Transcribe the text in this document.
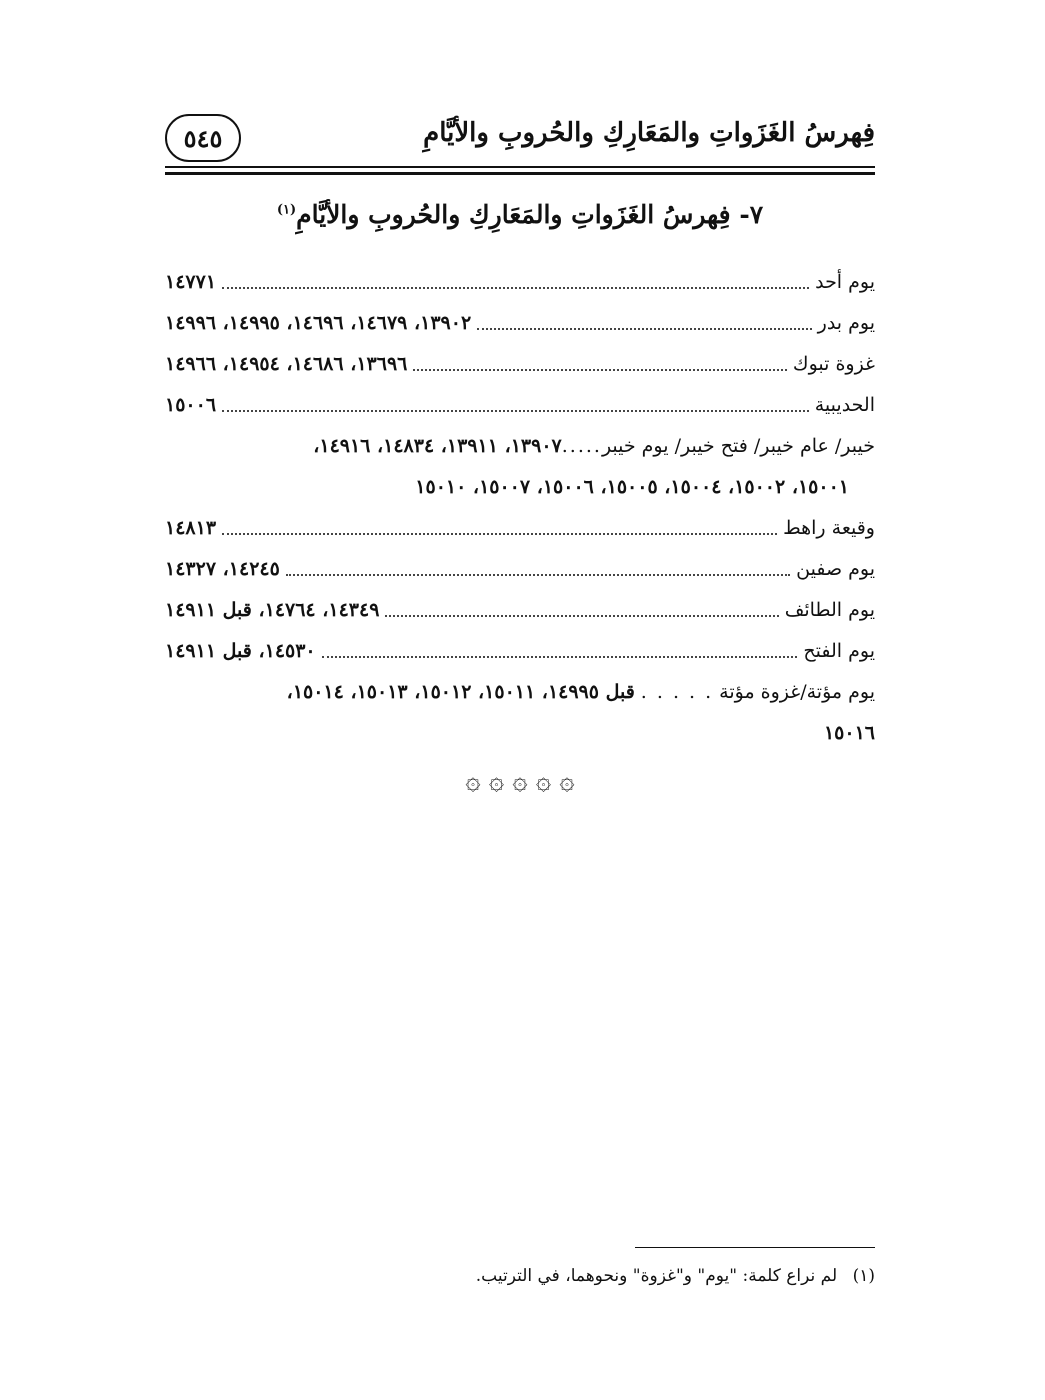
فِهرسُ الغَزَواتِ والمَعَارِكِ والحُروبِ والأيَّامِ
٥٤٥
٧- فِهرسُ الغَزَواتِ والمَعَارِكِ والحُروبِ والأيَّامِ$^{(١)}$
يوم أحد
١٤٧٧١
يوم بدر
١٣٩٠٢، ١٤٦٧٩، ١٤٦٩٦، ١٤٩٩٥، ١٤٩٩٦
غزوة تبوك
١٣٦٩٦، ١٤٦٨٦، ١٤٩٥٤، ١٤٩٦٦
الحديبية
١٥٠٠٦
خيبر/ عام خيبر/ فتح خيبر/ يوم خيبر
.....
١٣٩٠٧، ١٣٩١١، ١٤٨٣٤، ١٤٩١٦،
١٥٠٠١، ١٥٠٠٢، ١٥٠٠٤، ١٥٠٠٥، ١٥٠٠٦، ١٥٠٠٧، ١٥٠١٠
وقيعة راهط
١٤٨١٣
يوم صفين
١٤٢٤٥، ١٤٣٢٧
يوم الطائف
١٤٣٤٩، ١٤٧٦٤، قبل ١٤٩١١
يوم الفتح
١٤٥٣٠، قبل ١٤٩١١
يوم مؤتة/غزوة مؤتة
. . . . .
قبل ١٤٩٩٥، ١٥٠١١، ١٥٠١٢، ١٥٠١٣، ١٥٠١٤،
١٥٠١٦
۞ ۞ ۞ ۞ ۞
(١) لم نراع كلمة: "يوم" و"غزوة" ونحوهما، في الترتيب.
